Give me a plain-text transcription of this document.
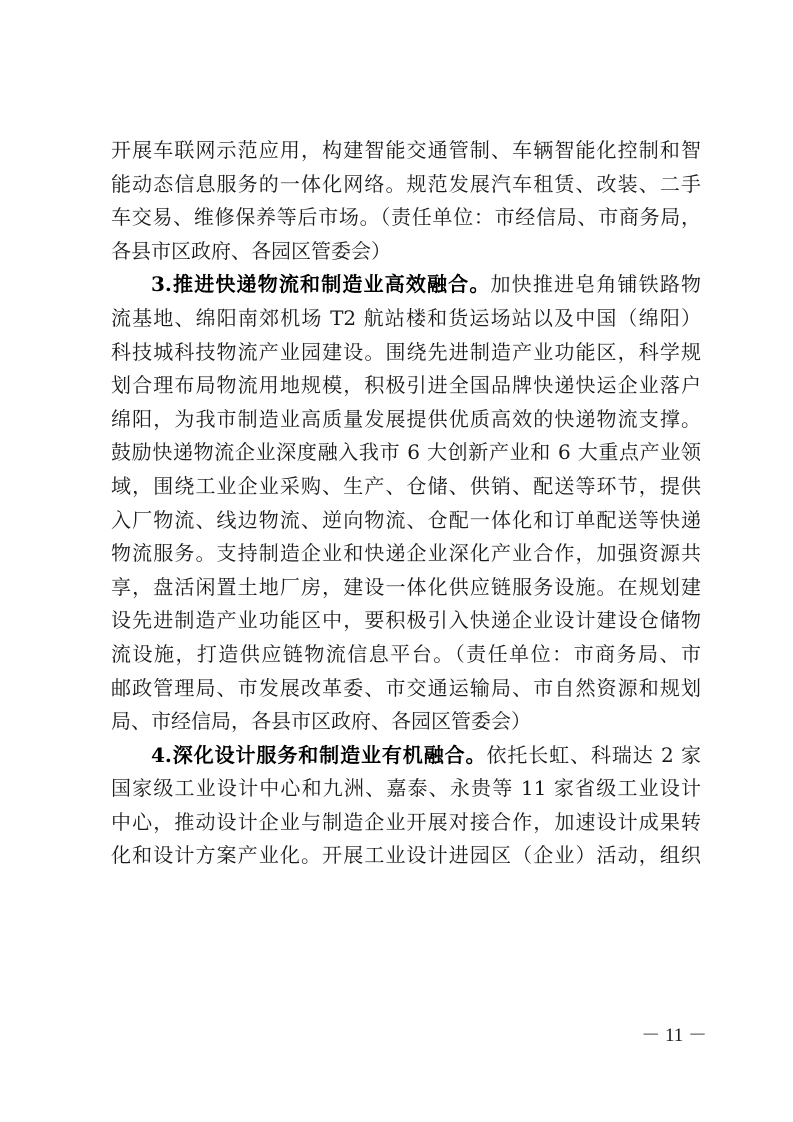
开展车联网示范应用，构建智能交通管制、车辆智能化控制和智
能动态信息服务的一体化网络。规范发展汽车租赁、改装、二手
车交易、维修保养等后市场。（责任单位：市经信局、市商务局，
各县市区政府、各园区管委会）
3.推进快递物流和制造业高效融合。加快推进皂角铺铁路物
流基地、绵阳南郊机场 T2 航站楼和货运场站以及中国（绵阳）
科技城科技物流产业园建设。围绕先进制造产业功能区，科学规
划合理布局物流用地规模，积极引进全国品牌快递快运企业落户
绵阳，为我市制造业高质量发展提供优质高效的快递物流支撑。
鼓励快递物流企业深度融入我市 6 大创新产业和 6 大重点产业领
域，围绕工业企业采购、生产、仓储、供销、配送等环节，提供
入厂物流、线边物流、逆向物流、仓配一体化和订单配送等快递
物流服务。支持制造企业和快递企业深化产业合作，加强资源共
享，盘活闲置土地厂房，建设一体化供应链服务设施。在规划建
设先进制造产业功能区中，要积极引入快递企业设计建设仓储物
流设施，打造供应链物流信息平台。（责任单位：市商务局、市
邮政管理局、市发展改革委、市交通运输局、市自然资源和规划
局、市经信局，各县市区政府、各园区管委会）
4.深化设计服务和制造业有机融合。依托长虹、科瑞达 2 家
国家级工业设计中心和九洲、嘉泰、永贵等 11 家省级工业设计
中心，推动设计企业与制造企业开展对接合作，加速设计成果转
化和设计方案产业化。开展工业设计进园区（企业）活动，组织
－ 11 －
